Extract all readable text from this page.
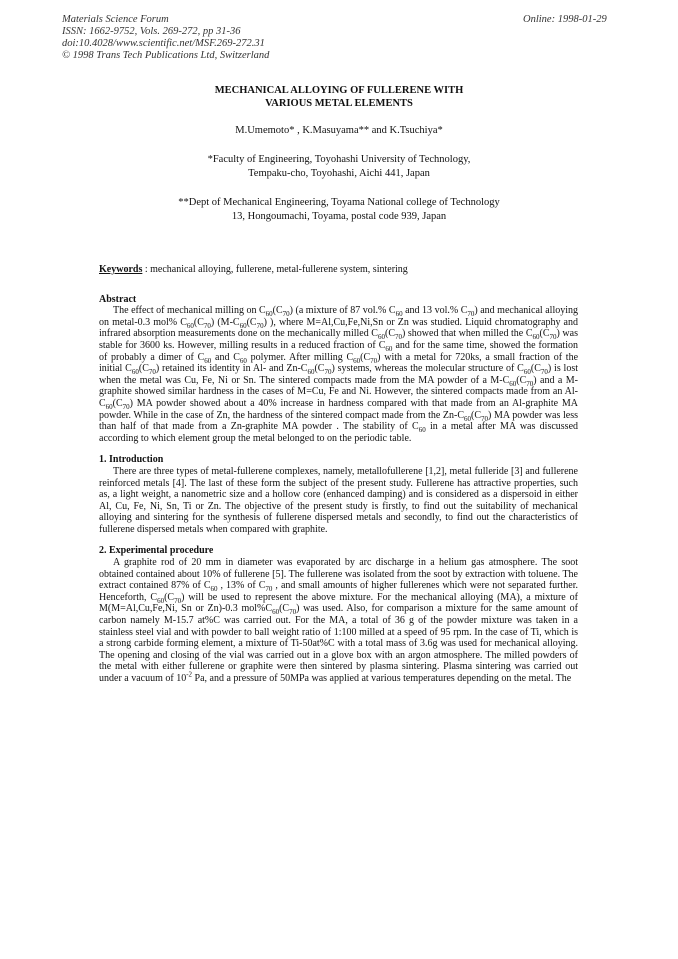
Materials Science Forum
ISSN: 1662-9752, Vols. 269-272, pp 31-36
doi:10.4028/www.scientific.net/MSF.269-272.31
© 1998 Trans Tech Publications Ltd, Switzerland
Online: 1998-01-29
MECHANICAL ALLOYING OF FULLERENE WITH
VARIOUS METAL ELEMENTS
M.Umemoto* , K.Masuyama** and K.Tsuchiya*
*Faculty of Engineering, Toyohashi University of Technology,
Tempaku-cho, Toyohashi, Aichi 441, Japan
**Dept of Mechanical Engineering, Toyama National college of Technology
13, Hongoumachi, Toyama, postal code 939, Japan
Keywords : mechanical alloying, fullerene, metal-fullerene system, sintering
Abstract

The effect of mechanical milling on $C_{60}(C_{70})$ (a mixture of 87 vol.% $C_{60}$ and 13 vol.% $C_{70}$) and mechanical alloying on metal-0.3 mol% $C_{60}(C_{70})$ ($M-C_{60}(C_{70})$ ), where M=Al,Cu,Fe,Ni,Sn or Zn was studied. Liquid chromatography and infrared absorption measurements done on the mechanically milled $C_{60}(C_{70})$ showed that when milled the $C_{60}(C_{70})$ was stable for 3600 ks. However, milling results in a reduced fraction of $C_{60}$ and for the same time, showed the formation of probably a dimer of $C_{60}$ and $C_{60}$ polymer. After milling $C_{60}(C_{70})$ with a metal for 720ks, a small fraction of the initial $C_{60}(C_{70})$ retained its identity in Al- and $Zn-C_{60}(C_{70})$ systems, whereas the molecular structure of $C_{60}(C_{70})$ is lost when the metal was Cu, Fe, Ni or Sn. The sintered compacts made from the MA powder of a $M-C_{60}(C_{70})$ and a M-graphite showed similar hardness in the cases of M=Cu, Fe and Ni. However, the sintered compacts made from an $Al-C_{60}(C_{70})$ MA powder showed about a 40% increase in hardness compared with that made from an Al-graphite MA powder. While in the case of Zn, the hardness of the sintered compact made from the $Zn-C_{60}(C_{70})$ MA powder was less than half of that made from a Zn-graphite MA powder . The stability of $C_{60}$ in a metal after MA was discussed according to which element group the metal belonged to on the periodic table.

1. Introduction

There are three types of metal-fullerene complexes, namely, metallofullerene [1,2], metal fulleride [3] and fullerene reinforced metals [4]. The last of these form the subject of the present study. Fullerene has attractive properties, such as, a light weight, a nanometric size and a hollow core (enhanced damping) and is considered as a dispersoid in either Al, Cu, Fe, Ni, Sn, Ti or Zn. The objective of the present study is firstly, to find out the suitability of mechanical alloying and sintering for the synthesis of fullerene dispersed metals and secondly, to find out the characteristics of fullerene dispersed metals when compared with graphite.

2. Experimental procedure

A graphite rod of 20 mm in diameter was evaporated by arc discharge in a helium gas atmosphere. The soot obtained contained about 10% of fullerene [5]. The fullerene was isolated from the soot by extraction with toluene. The extract contained 87% of $C_{60}$ , 13% of $C_{70}$ , and small amounts of higher fullerenes which were not separated further. Henceforth, $C_{60}(C_{70})$ will be used to represent the above mixture. For the mechanical alloying (MA), a mixture of M(M=Al,Cu,Fe,Ni, Sn or Zn)-0.3 $mol\%C_{60}(C_{70})$ was used. Also, for comparison a mixture for the same amount of carbon namely M-15.7 at%C was carried out. For the MA, a total of 36 g of the powder mixture was taken in a stainless steel vial and with powder to ball weight ratio of 1:100 milled at a speed of 95 rpm. In the case of Ti, which is a strong carbide forming element, a mixture of Ti-50at%C with a total mass of 3.6g was used for mechanical alloying. The opening and closing of the vial was carried out in a glove box with an argon atmosphere. The milled powders of the metal with either fullerene or graphite were then sintered by plasma sintering. Plasma sintering was carried out under a vacuum of $10^{-2}$ Pa, and a pressure of 50MPa was applied at various temperatures depending on the metal. The
